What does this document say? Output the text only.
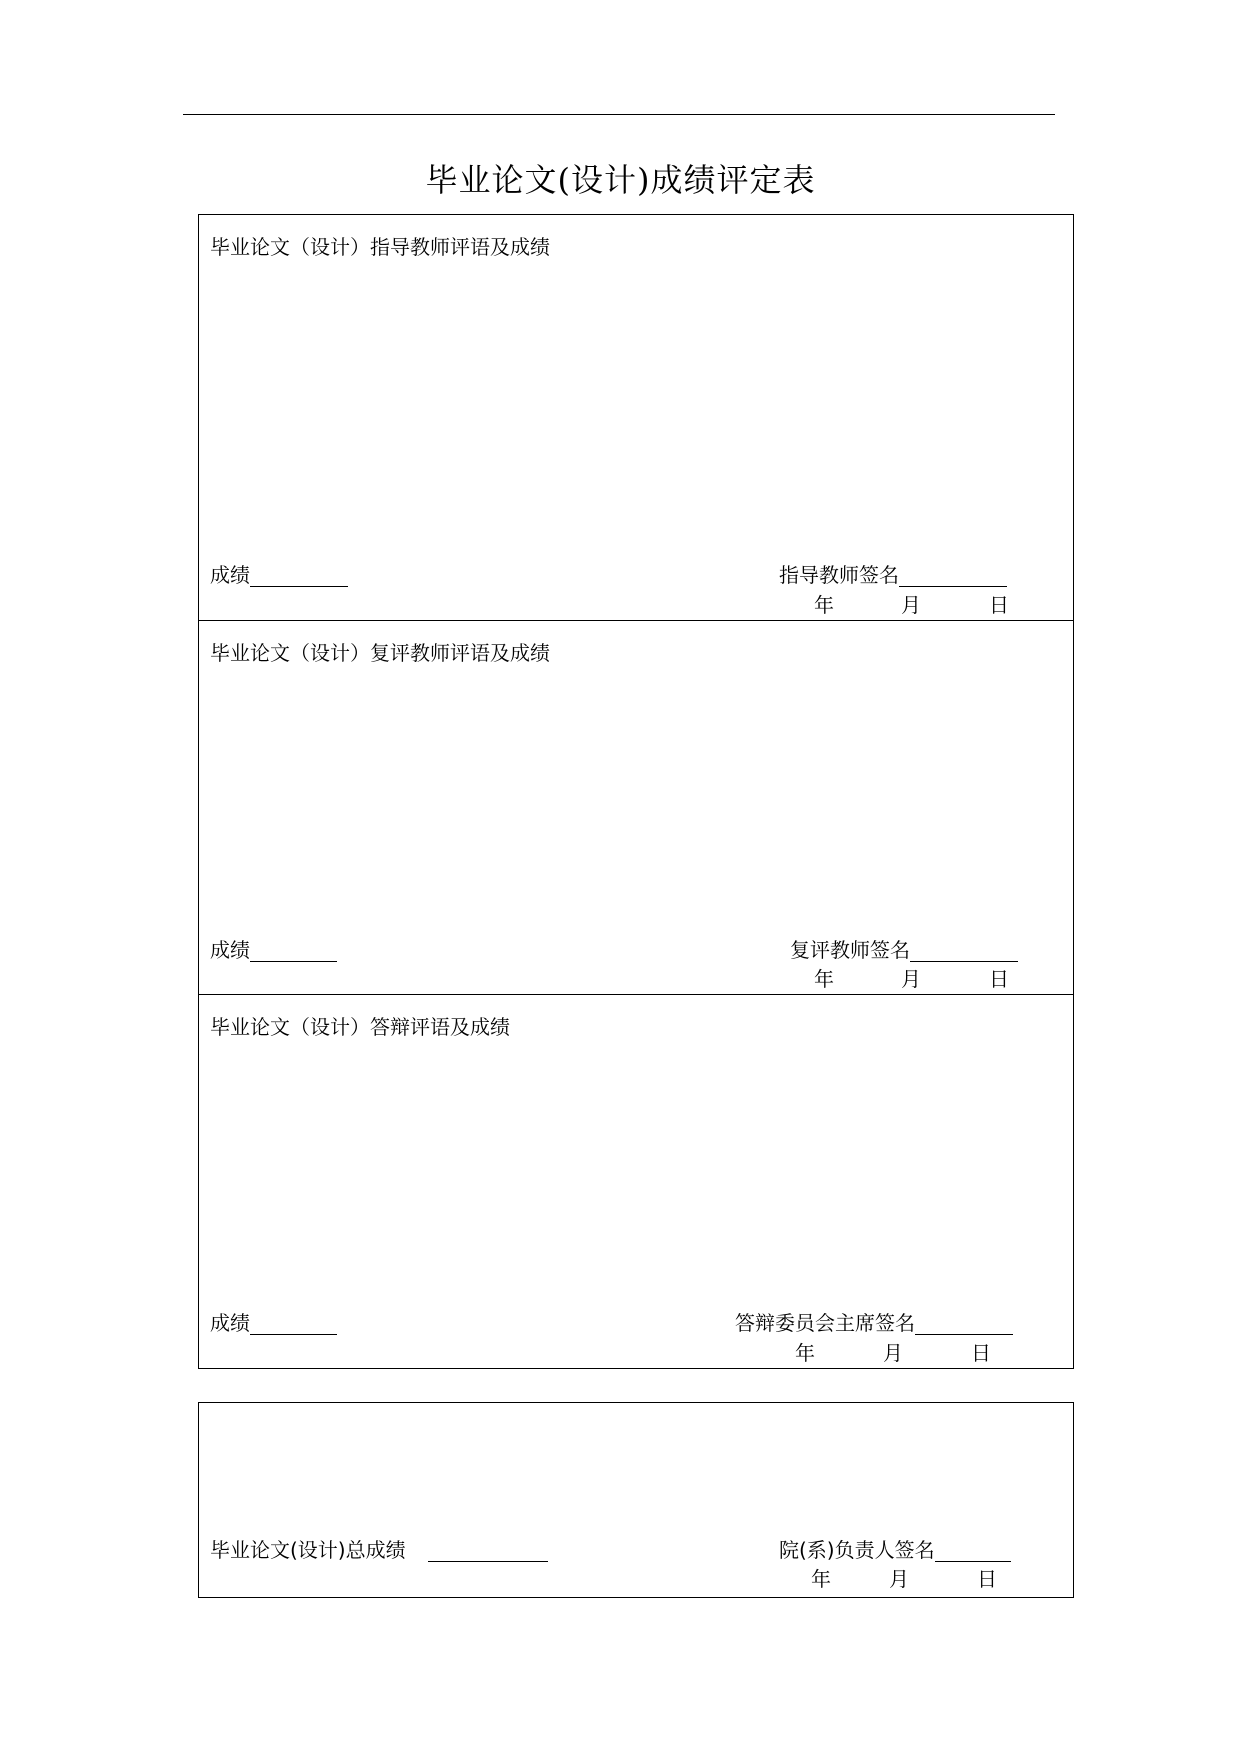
毕业论文(设计)成绩评定表
毕业论文（设计）指导教师评语及成绩
成绩	指导教师签名
年	月	日
毕业论文（设计）复评教师评语及成绩
成绩	复评教师签名
年	月	日
毕业论文（设计）答辩评语及成绩
成绩	答辩委员会主席签名
年	月	日
毕业论文(设计)总成绩	院(系)负责人签名
年	月	日
